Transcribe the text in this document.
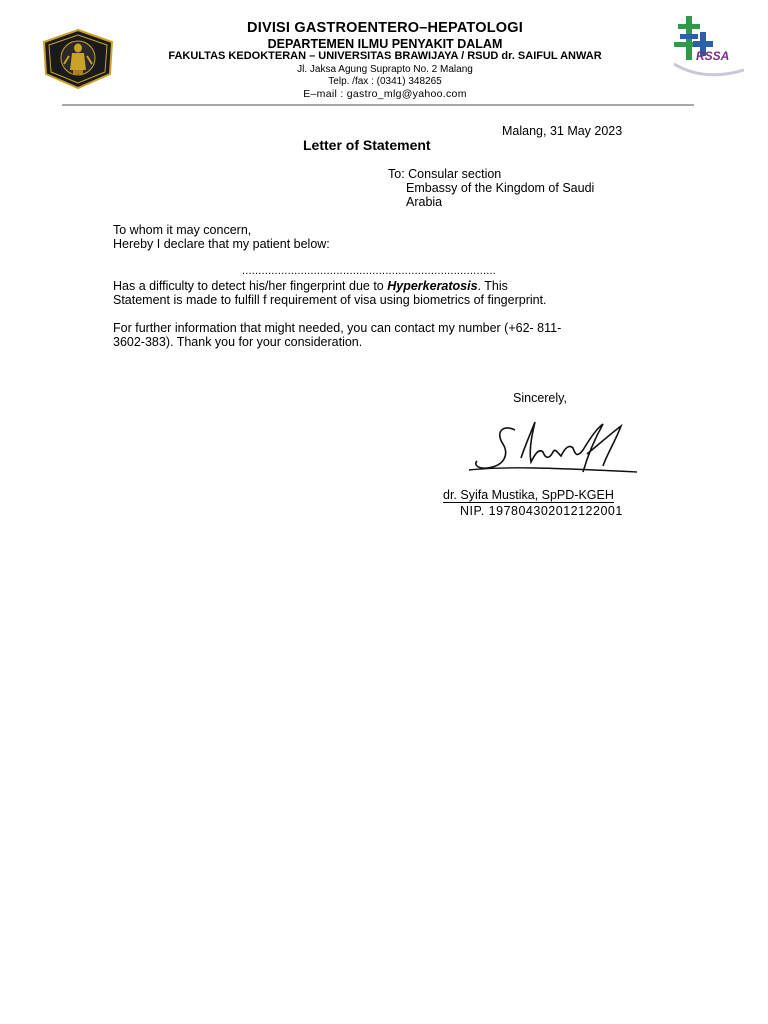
RSSA
DIVISI GASTROENTERO–HEPATOLOGI
DEPARTEMEN ILMU PENYAKIT DALAM
FAKULTAS KEDOKTERAN – UNIVERSITAS BRAWIJAYA / RSUD dr. SAIFUL ANWAR
Jl. Jaksa Agung Suprapto No. 2 Malang
Telp. /fax : (0341) 348265
E–mail : gastro_mlg@yahoo.com
Malang, 31 May 2023
Letter of Statement
To: Consular section
Embassy of the Kingdom of Saudi
Arabia
To whom it may concern,
Hereby I declare that my patient below:
..............................................................................
Has a difficulty to detect his/her fingerprint due to Hyperkeratosis. This
Statement is made to fulfill f requirement of visa using biometrics of fingerprint.
For further information that might needed, you can contact my number (+62- 811-
3602-383). Thank you for your consideration.
Sincerely,
dr. Syifa Mustika, SpPD-KGEH
NIP. 197804302012122001
